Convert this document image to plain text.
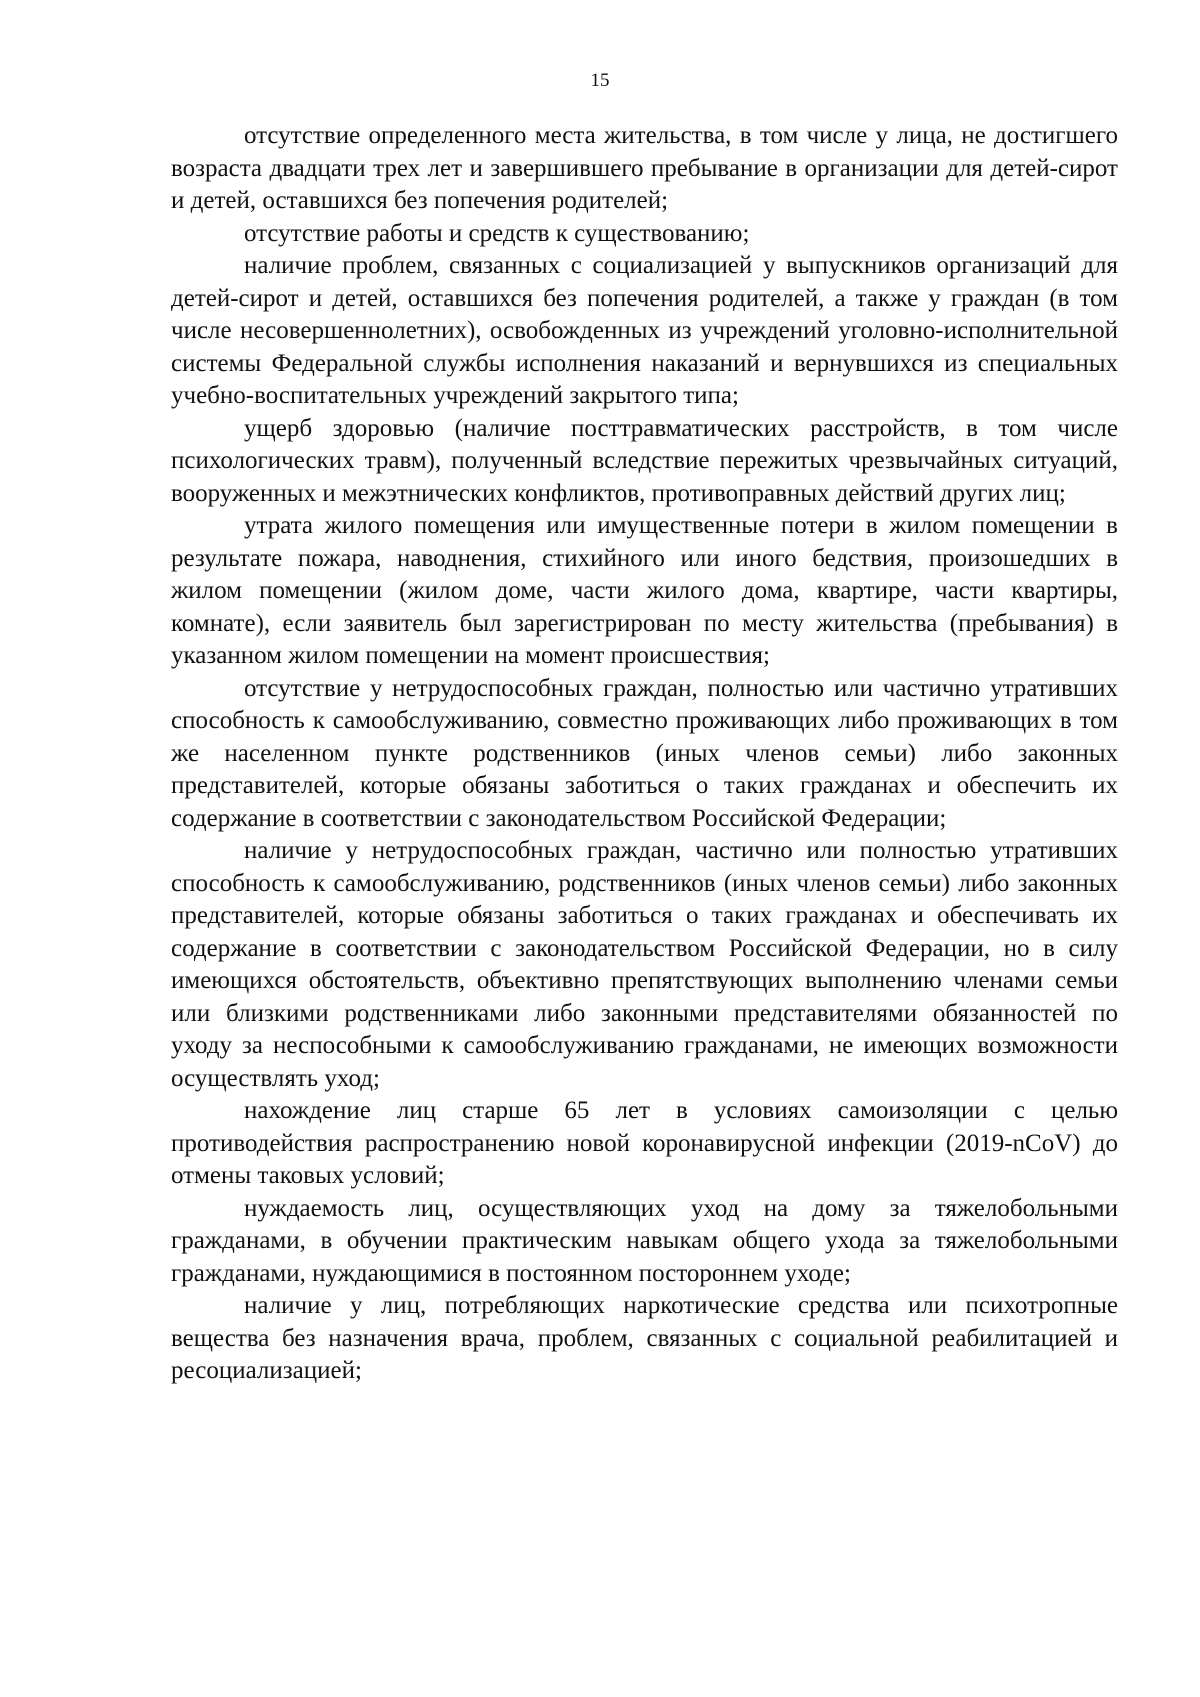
15

отсутствие определенного места жительства, в том числе у лица, не достигшего возраста двадцати трех лет и завершившего пребывание в организации для детей-сирот и детей, оставшихся без попечения родителей;

отсутствие работы и средств к существованию;

наличие проблем, связанных с социализацией у выпускников организаций для детей-сирот и детей, оставшихся без попечения родителей, а также у граждан (в том числе несовершеннолетних), освобожденных из учреждений уголовно-исполнительной системы Федеральной службы исполнения наказаний и вернувшихся из специальных учебно-воспитательных учреждений закрытого типа;

ущерб здоровью (наличие посттравматических расстройств, в том числе психологических травм), полученный вследствие пережитых чрезвычайных ситуаций, вооруженных и межэтнических конфликтов, противоправных действий других лиц;

утрата жилого помещения или имущественные потери в жилом помещении в результате пожара, наводнения, стихийного или иного бедствия, произошедших в жилом помещении (жилом доме, части жилого дома, квартире, части квартиры, комнате), если заявитель был зарегистрирован по месту жительства (пребывания) в указанном жилом помещении на момент происшествия;

отсутствие у нетрудоспособных граждан, полностью или частично утративших способность к самообслуживанию, совместно проживающих либо проживающих в том же населенном пункте родственников (иных членов семьи) либо законных представителей, которые обязаны заботиться о таких гражданах и обеспечить их содержание в соответствии с законодательством Российской Федерации;

наличие у нетрудоспособных граждан, частично или полностью утративших способность к самообслуживанию, родственников (иных членов семьи) либо законных представителей, которые обязаны заботиться о таких гражданах и обеспечивать их содержание в соответствии с законодательством Российской Федерации, но в силу имеющихся обстоятельств, объективно препятствующих выполнению членами семьи или близкими родственниками либо законными представителями обязанностей по уходу за неспособными к самообслуживанию гражданами, не имеющих возможности осуществлять уход;

нахождение лиц старше 65 лет в условиях самоизоляции с целью противодействия распространению новой коронавирусной инфекции (2019-nCoV) до отмены таковых условий;

нуждаемость лиц, осуществляющих уход на дому за тяжелобольными гражданами, в обучении практическим навыкам общего ухода за тяжелобольными гражданами, нуждающимися в постоянном постороннем уходе;

наличие у лиц, потребляющих наркотические средства или психотропные вещества без назначения врача, проблем, связанных с социальной реабилитацией и ресоциализацией;
